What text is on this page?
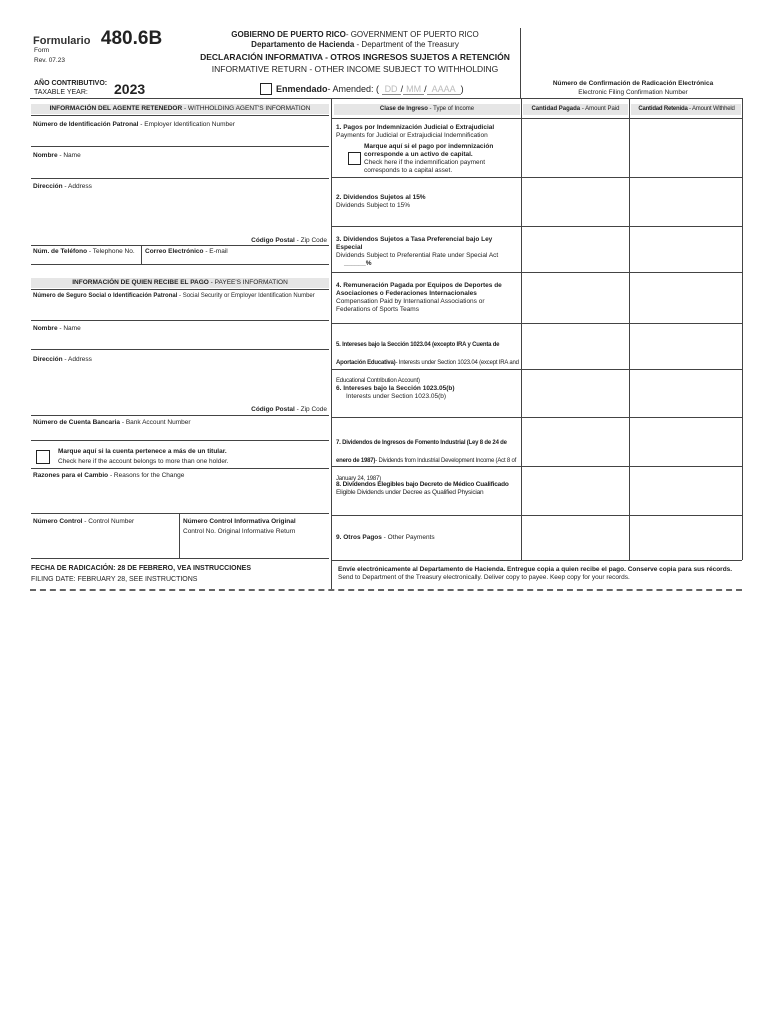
Formulario 480.6B
Form
Rev. 07.23
GOBIERNO DE PUERTO RICO- GOVERNMENT OF PUERTO RICO
Departamento de Hacienda - Department of the Treasury
DECLARACIÓN INFORMATIVA - OTROS INGRESOS SUJETOS A RETENCIÓN
INFORMATIVE RETURN - OTHER INCOME SUBJECT TO WITHHOLDING
AÑO CONTRIBUTIVO:
TAXABLE YEAR: 2023	Enmendado- Amended: ( DD / MM / AAAA )
Número de Confirmación de Radicación Electrónica
Electronic Filing Confirmation Number
INFORMACIÓN DEL AGENTE RETENEDOR - WITHHOLDING AGENT'S INFORMATION
Número de Identificación Patronal - Employer Identification Number
Nombre - Name
Dirección - Address
Código Postal - Zip Code
Núm. de Teléfono - Telephone No. Correo Electrónico - E-mail
INFORMACIÓN DE QUIEN RECIBE EL PAGO - PAYEE'S INFORMATION
Número de Seguro Social o Identificación Patronal - Social Security or Employer Identification Number
Nombre - Name
Dirección - Address
Código Postal - Zip Code
Número de Cuenta Bancaria - Bank Account Number
Marque aquí si la cuenta pertenece a más de un titular.
Check here if the account belongs to more than one holder.
Razones para el Cambio - Reasons for the Change
Número Control - Control Number	Número Control Informativa Original
Control No. Original Informative Return
FECHA DE RADICACIÓN: 28 DE FEBRERO, VEA INSTRUCCIONES
FILING DATE: FEBRUARY 28, SEE INSTRUCTIONS
Clase de Ingreso - Type of Income	Cantidad Pagada - Amount Paid	Cantidad Retenida - Amount Withheld
1. Pagos por Indemnización Judicial o Extrajudicial
Payments for Judicial or Extrajudicial Indemnification
Marque aquí si el pago por indemnización corresponde a un activo de capital.
Check here if the indemnification payment corresponds to a capital asset.
2. Dividendos Sujetos al 15%
Dividends Subject to 15%
3. Dividendos Sujetos a Tasa Preferencial bajo Ley Especial
Dividends Subject to Preferential Rate under Special Act
______%
4. Remuneración Pagada por Equipos de Deportes de Asociaciones o Federaciones Internacionales
Compensation Paid by International Associations or Federations of Sports Teams
5. Intereses bajo la Sección 1023.04 (excepto IRA y Cuenta de Aportación Educativa)- Interests under Section 1023.04 (except IRA and Educational Contribution Account)
6. Intereses bajo la Sección 1023.05(b)
Interests under Section 1023.05(b)
7. Dividendos de Ingresos de Fomento Industrial (Ley 8 de 24 de enero de 1987)- Dividends from Industrial Development Income (Act 8 of January 24, 1987)
8. Dividendos Elegibles bajo Decreto de Médico Cualificado
Eligible Dividends under Decree as Qualified Physician
9. Otros Pagos - Other Payments
Envíe electrónicamente al Departamento de Hacienda. Entregue copia a quien recibe el pago. Conserve copia para sus récords. Send to Department of the Treasury electronically. Deliver copy to payee. Keep copy for your records.
